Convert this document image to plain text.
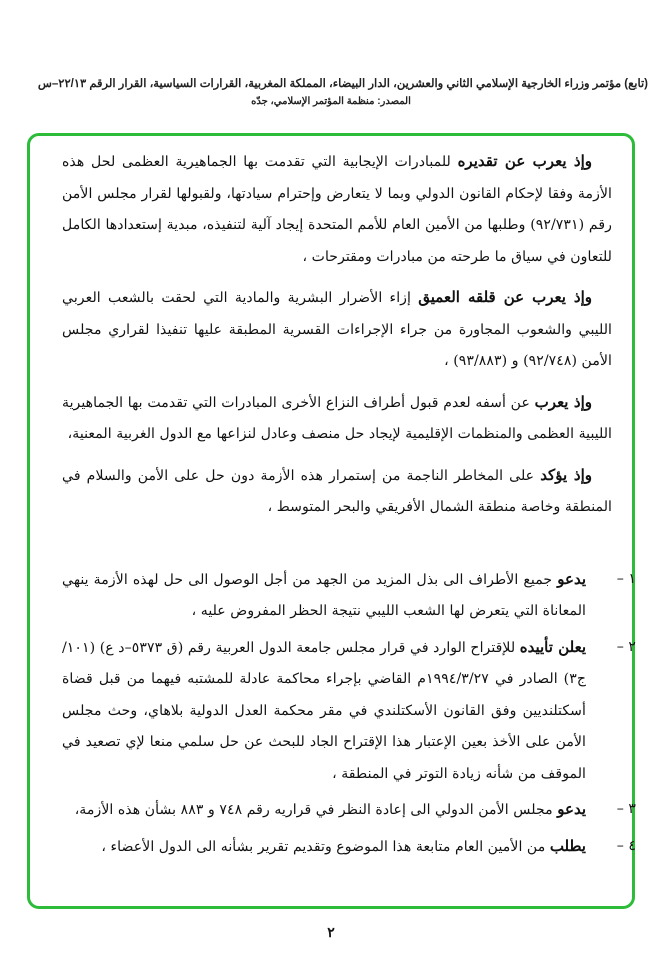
(تابع) مؤتمر وزراء الخارجية الإسلامي الثاني والعشرين، الدار البيضاء، المملكة المغربية، القرارات السياسية، القرار الرقم ٢٢/١٣–س
المصدر: منظمة المؤتمر الإسلامي، جدّه

وإذ يعرب عن تقديره للمبادرات الإيجابية التي تقدمت بها الجماهيرية العظمى لحل هذه الأزمة وفقا لإحكام القانون الدولي وبما لا يتعارض وإحترام سيادتها، ولقبولها لقرار مجلس الأمن رقم (٩٢/٧٣١) وطلبها من الأمين العام للأمم المتحدة إيجاد آلية لتنفيذه، مبدية إستعدادها الكامل للتعاون في سياق ما طرحته من مبادرات ومقترحات ،

وإذ يعرب عن قلقه العميق إزاء الأضرار البشرية والمادية التي لحقت بالشعب العربي الليبي والشعوب المجاورة من جراء الإجراءات القسرية المطبقة عليها تنفيذا لقراري مجلس الأمن (٩٢/٧٤٨) و (٩٣/٨٨٣) ،

وإذ يعرب عن أسفه لعدم قبول أطراف النزاع الأخرى المبادرات التي تقدمت بها الجماهيرية الليبية العظمى والمنظمات الإقليمية لإيجاد حل منصف وعادل لنزاعها مع الدول الغربية المعنية،

وإذ يؤكد على المخاطر الناجمة من إستمرار هذه الأزمة دون حل على الأمن والسلام في المنطقة وخاصة منطقة الشمال الأفريقي والبحر المتوسط ،

١ –
يدعو جميع الأطراف الى بذل المزيد من الجهد من أجل الوصول الى حل لهذه الأزمة ينهي المعاناة التي يتعرض لها الشعب الليبي نتيجة الحظر المفروض عليه ،
٢ –
يعلن تأييده للإقتراح الوارد في قرار مجلس جامعة الدول العربية رقم (ق ٥٣٧٣–د ع) (١٠١/ج٣) الصادر في ١٩٩٤/٣/٢٧م القاضي بإجراء محاكمة عادلة للمشتبه فيهما من قبل قضاة أسكتلنديين وفق القانون الأسكتلندي في مقر محكمة العدل الدولية بلاهاي، وحث مجلس الأمن على الأخذ بعين الإعتبار هذا الإقتراح الجاد للبحث عن حل سلمي منعا لإي تصعيد في الموقف من شأنه زيادة التوتر في المنطقة ،
٣ –
يدعو مجلس الأمن الدولي الى إعادة النظر في قراريه رقم ٧٤٨ و ٨٨٣ بشأن هذه الأزمة،
٤ –
يطلب من الأمين العام متابعة هذا الموضوع وتقديم تقرير بشأنه الى الدول الأعضاء ،
٢
